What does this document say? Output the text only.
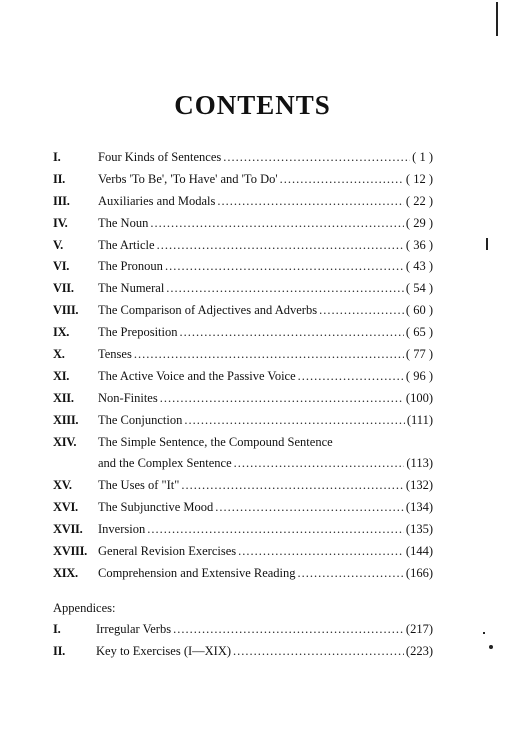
CONTENTS
I.	Four Kinds of Sentences .....	( 1 )
II.	Verbs 'To Be', 'To Have' and 'To Do' .....	( 12 )
III.	Auxiliaries and Modals .....	( 22 )
IV.	The Noun .....	( 29 )
V.	The Article .....	( 36 )
VI.	The Pronoun .....	( 43 )
VII.	The Numeral .....	( 54 )
VIII.	The Comparison of Adjectives and Adverbs .....	( 60 )
IX.	The Preposition .....	( 65 )
X.	Tenses .....	( 77 )
XI.	The Active Voice and the Passive Voice .....	( 96 )
XII.	Non-Finites .....	(100)
XIII.	The Conjunction .....	(111)
XIV.	The Simple Sentence, the Compound Sentence
and the Complex Sentence .....	(113)
XV.	The Uses of "It" .....	(132)
XVI.	The Subjunctive Mood .....	(134)
XVII.	Inversion .....	(135)
XVIII. General Revision Exercises .....	(144)
XIX.	Comprehension and Extensive Reading .....	(166)
Appendices:
I.	Irregular Verbs .....	(217)
II.	Key to Exercises (I—XIX) .....	(223)
